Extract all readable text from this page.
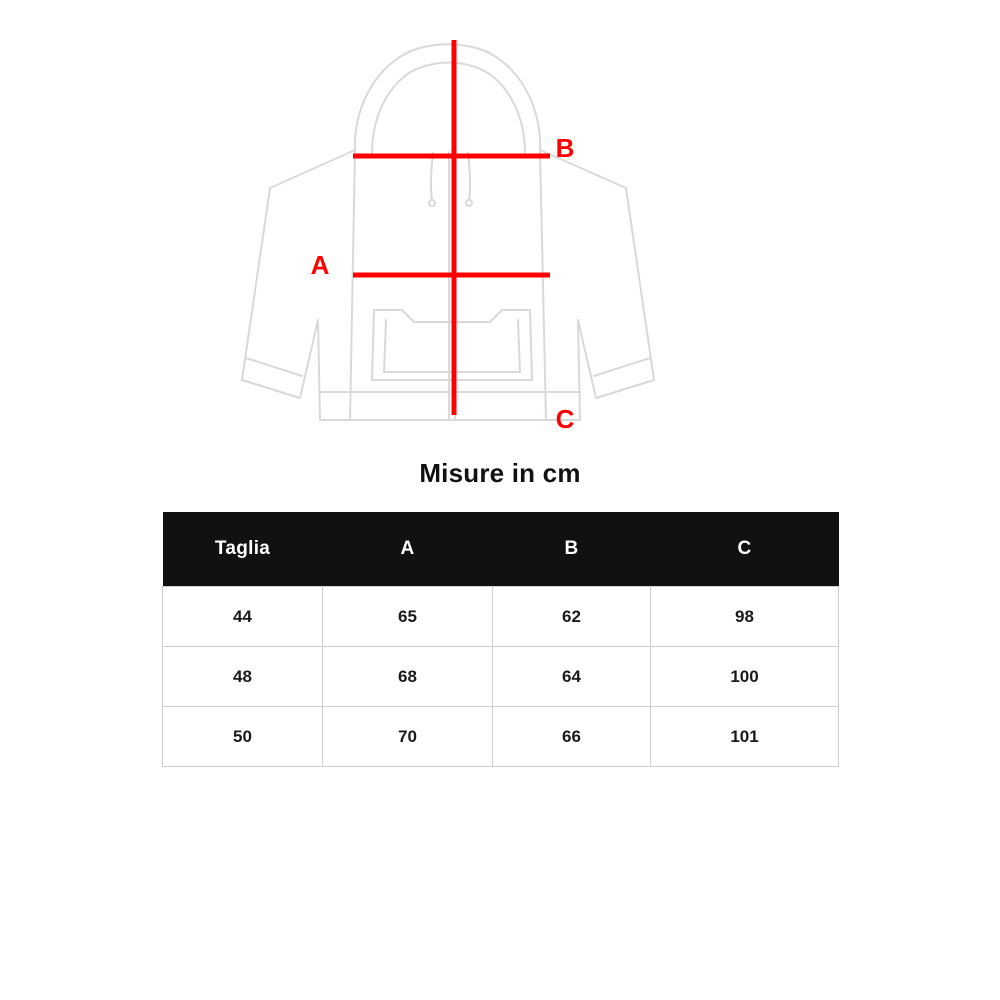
A
B
C
Misure in cm
Taglia	A	B	C
44	65	62	98
48	68	64	100
50	70	66	101
